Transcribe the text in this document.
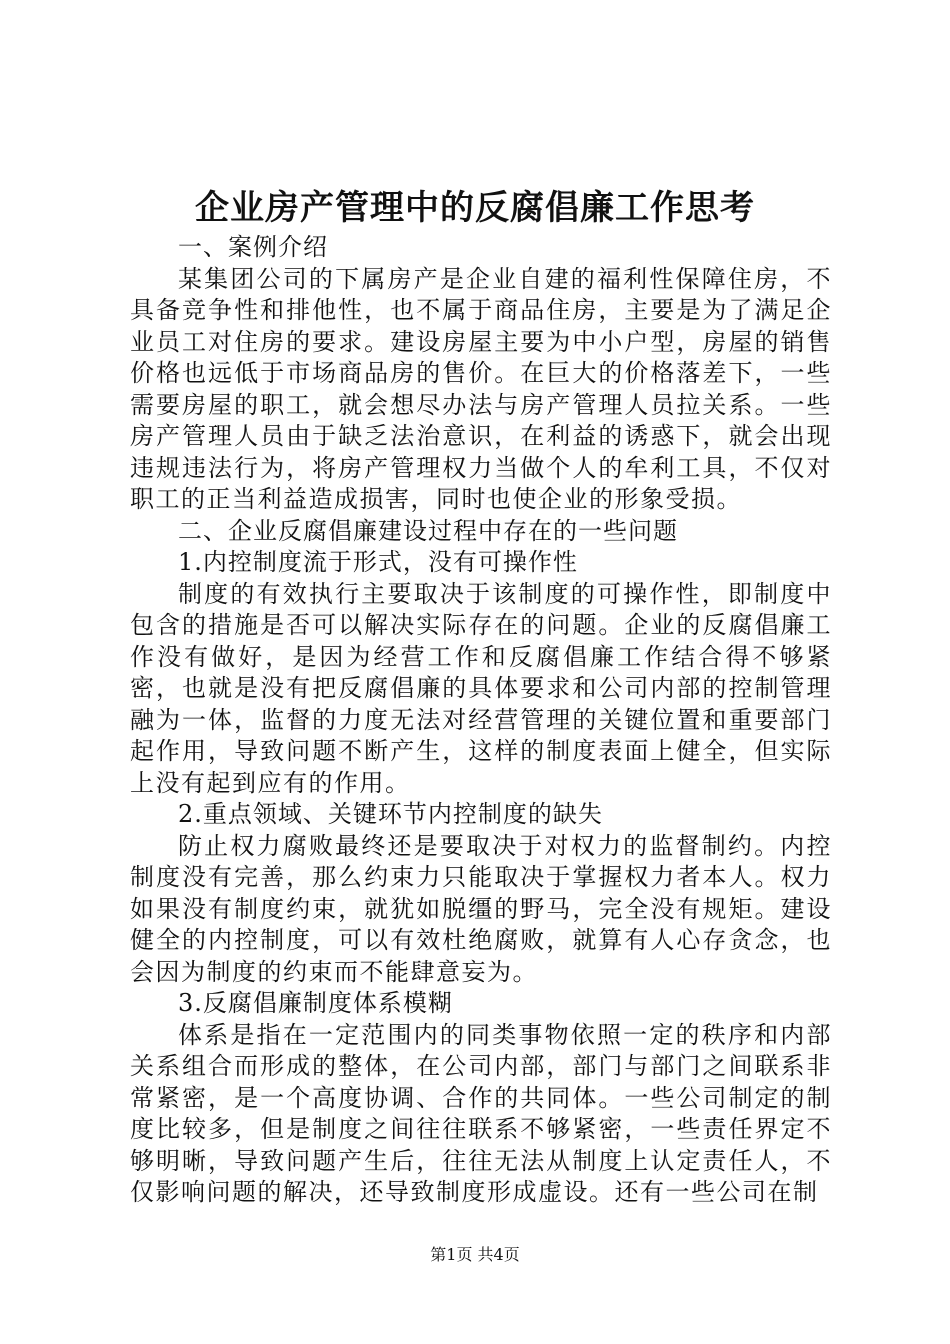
企业房产管理中的反腐倡廉工作思考

一、案例介绍

某集团公司的下属房产是企业自建的福利性保障住房，不具备竞争性和排他性，也不属于商品住房，主要是为了满足企业员工对住房的要求。建设房屋主要为中小户型，房屋的销售价格也远低于市场商品房的售价。在巨大的价格落差下，一些需要房屋的职工，就会想尽办法与房产管理人员拉关系。一些房产管理人员由于缺乏法治意识，在利益的诱惑下，就会出现违规违法行为，将房产管理权力当做个人的牟利工具，不仅对职工的正当利益造成损害，同时也使企业的形象受损。

二、企业反腐倡廉建设过程中存在的一些问题

1.内控制度流于形式，没有可操作性

制度的有效执行主要取决于该制度的可操作性，即制度中包含的措施是否可以解决实际存在的问题。企业的反腐倡廉工作没有做好，是因为经营工作和反腐倡廉工作结合得不够紧密，也就是没有把反腐倡廉的具体要求和公司内部的控制管理融为一体，监督的力度无法对经营管理的关键位置和重要部门起作用，导致问题不断产生，这样的制度表面上健全，但实际上没有起到应有的作用。

2.重点领域、关键环节内控制度的缺失

防止权力腐败最终还是要取决于对权力的监督制约。内控制度没有完善，那么约束力只能取决于掌握权力者本人。权力如果没有制度约束，就犹如脱缰的野马，完全没有规矩。建设健全的内控制度，可以有效杜绝腐败，就算有人心存贪念，也会因为制度的约束而不能肆意妄为。

3.反腐倡廉制度体系模糊

体系是指在一定范围内的同类事物依照一定的秩序和内部关系组合而形成的整体，在公司内部，部门与部门之间联系非常紧密，是一个高度协调、合作的共同体。一些公司制定的制度比较多，但是制度之间往往联系不够紧密，一些责任界定不够明晰，导致问题产生后，往往无法从制度上认定责任人，不仅影响问题的解决，还导致制度形成虚设。还有一些公司在制

第1页 共4页
